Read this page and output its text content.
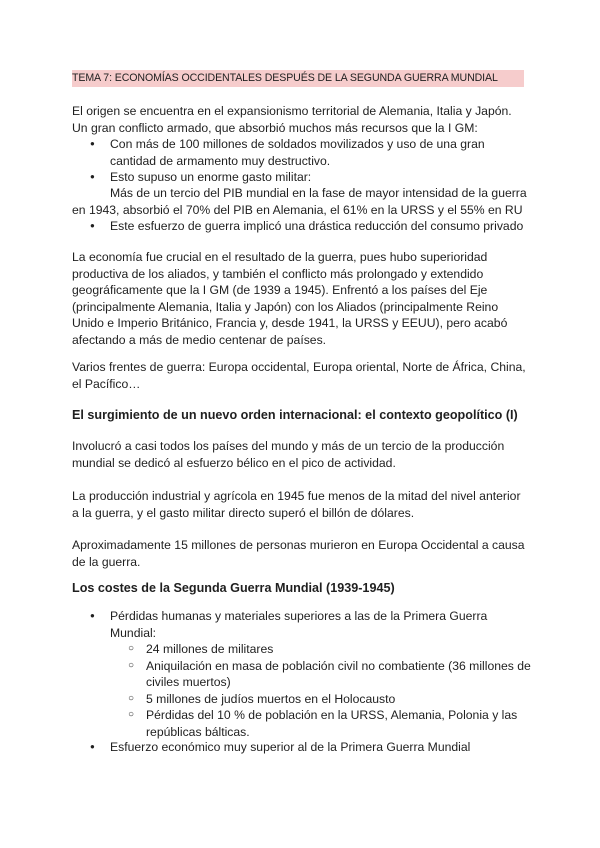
TEMA 7: ECONOMÍAS OCCIDENTALES DESPUÉS DE LA SEGUNDA GUERRA MUNDIAL

El origen se encuentra en el expansionismo territorial de Alemania, Italia y Japón.

Un gran conflicto armado, que absorbió muchos más recursos que la I GM:

● Con más de 100 millones de soldados movilizados y uso de una gran

cantidad de armamento muy destructivo.

● Esto supuso un enorme gasto militar:

Más de un tercio del PIB mundial en la fase de mayor intensidad de la guerra

en 1943, absorbió el 70% del PIB en Alemania, el 61% en la URSS y el 55% en RU

● Este esfuerzo de guerra implicó una drástica reducción del consumo privado

La economía fue crucial en el resultado de la guerra, pues hubo superioridad

productiva de los aliados, y también el conflicto más prolongado y extendido

geográficamente que la I GM (de 1939 a 1945). Enfrentó a los países del Eje

(principalmente Alemania, Italia y Japón) con los Aliados (principalmente Reino

Unido e Imperio Británico, Francia y, desde 1941, la URSS y EEUU), pero acabó

afectando a más de medio centenar de países.

Varios frentes de guerra: Europa occidental, Europa oriental, Norte de África, China,

el Pacífico…

El surgimiento de un nuevo orden internacional: el contexto geopolítico (I)

Involucró a casi todos los países del mundo y más de un tercio de la producción

mundial se dedicó al esfuerzo bélico en el pico de actividad.

La producción industrial y agrícola en 1945 fue menos de la mitad del nivel anterior

a la guerra, y el gasto militar directo superó el billón de dólares.

Aproximadamente 15 millones de personas murieron en Europa Occidental a causa

de la guerra.

Los costes de la Segunda Guerra Mundial (1939-1945)

● Pérdidas humanas y materiales superiores a las de la Primera Guerra

Mundial:

○ 24 millones de militares

○ Aniquilación en masa de población civil no combatiente (36 millones de

civiles muertos)

○ 5 millones de judíos muertos en el Holocausto

○ Pérdidas del 10 % de población en la URSS, Alemania, Polonia y las

repúblicas bálticas.

● Esfuerzo económico muy superior al de la Primera Guerra Mundial
